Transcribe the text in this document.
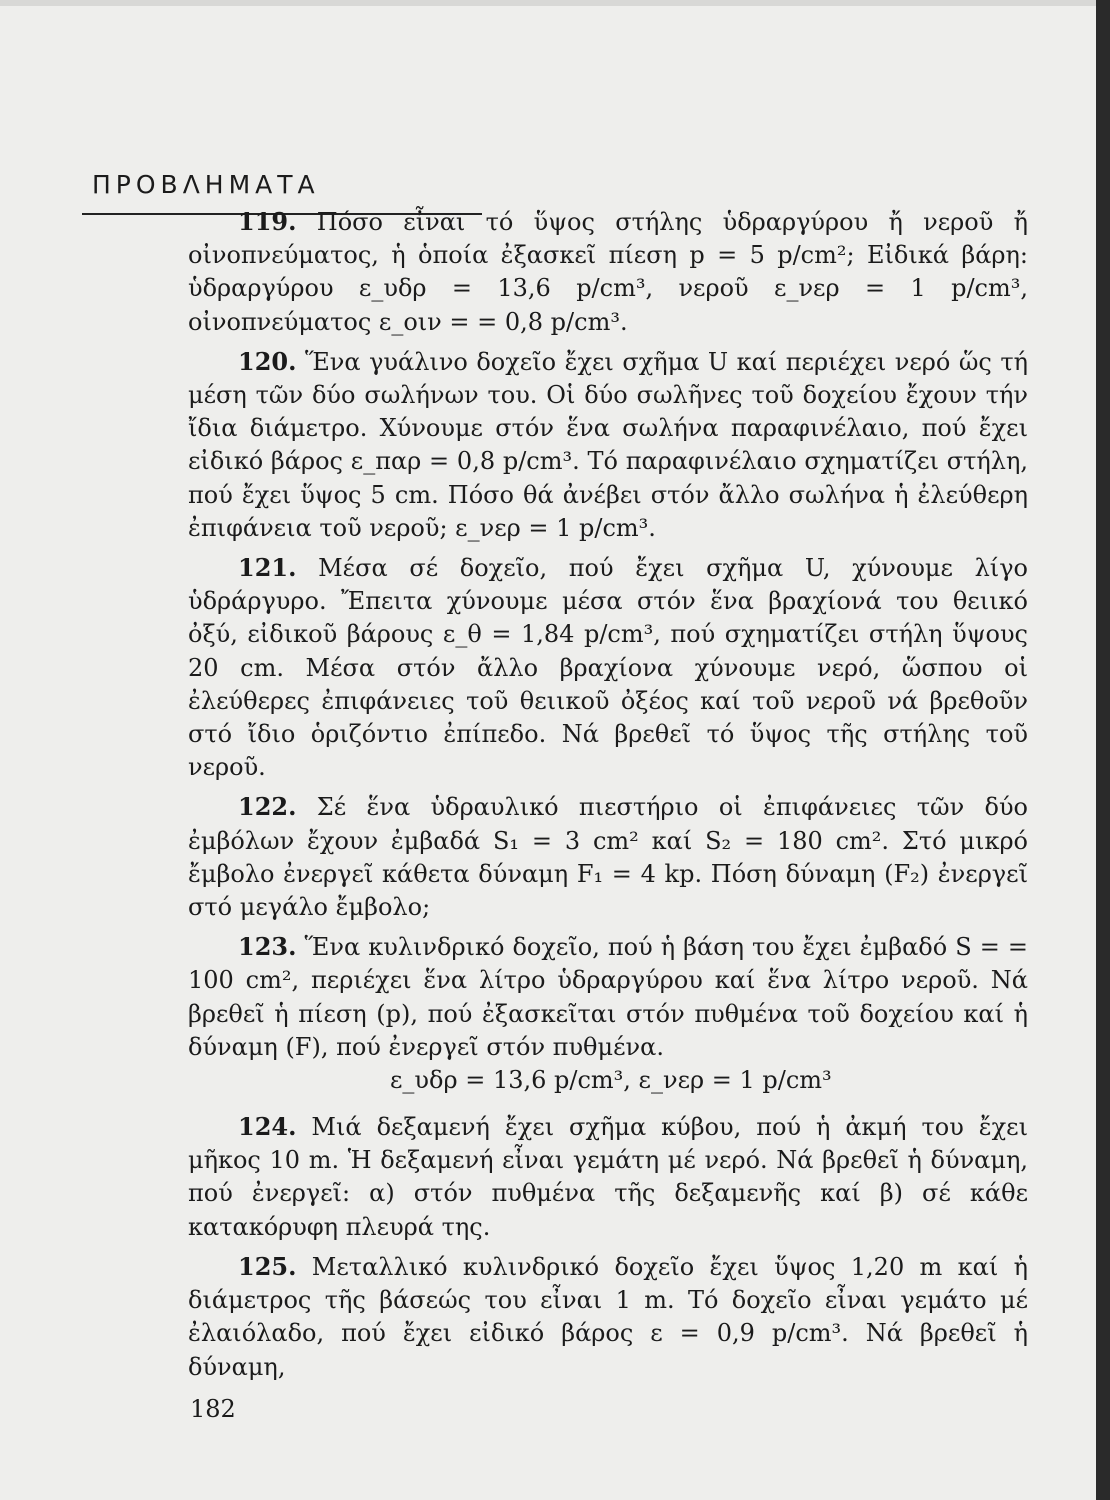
ΠΡΟΒΛΗΜΑΤΑ

119. Πόσο εἶναι τό ὕψος στήλης ὑδραργύρου ἤ νεροῦ ἤ οἰνοπνεύματος, ἡ ὁποία ἐξασκεῖ πίεση p = 5 p/cm²; Εἰδικά βάρη: ὑδραργύρου ε_υδρ = 13,6 p/cm³, νεροῦ ε_νερ = 1 p/cm³, οἰνοπνεύματος ε_οιν = = 0,8 p/cm³.

120. Ἕνα γυάλινο δοχεῖο ἔχει σχῆμα U καί περιέχει νερό ὥς τή μέση τῶν δύο σωλήνων του. Οἱ δύο σωλῆνες τοῦ δοχείου ἔχουν τήν ἴδια διάμετρο. Χύνουμε στόν ἕνα σωλήνα παραφινέλαιο, πού ἔχει εἰδικό βάρος ε_παρ = 0,8 p/cm³. Τό παραφινέλαιο σχηματίζει στήλη, πού ἔχει ὕψος 5 cm. Πόσο θά ἀνέβει στόν ἄλλο σωλήνα ἡ ἐλεύθερη ἐπιφάνεια τοῦ νεροῦ; ε_νερ = 1 p/cm³.

121. Μέσα σέ δοχεῖο, πού ἔχει σχῆμα U, χύνουμε λίγο ὑδράργυρο. Ἔπειτα χύνουμε μέσα στόν ἕνα βραχίονά του θειικό ὀξύ, εἰδικοῦ βάρους ε_θ = 1,84 p/cm³, πού σχηματίζει στήλη ὕψους 20 cm. Μέσα στόν ἄλλο βραχίονα χύνουμε νερό, ὥσπου οἱ ἐλεύθερες ἐπιφάνειες τοῦ θειικοῦ ὀξέος καί τοῦ νεροῦ νά βρεθοῦν στό ἴδιο ὁριζόντιο ἐπίπεδο. Νά βρεθεῖ τό ὕψος τῆς στήλης τοῦ νεροῦ.

122. Σέ ἕνα ὑδραυλικό πιεστήριο οἱ ἐπιφάνειες τῶν δύο ἐμβόλων ἔχουν ἐμβαδά S₁ = 3 cm² καί S₂ = 180 cm². Στό μικρό ἔμβολο ἐνεργεῖ κάθετα δύναμη F₁ = 4 kp. Πόση δύναμη (F₂) ἐνεργεῖ στό μεγάλο ἔμβολο;

123. Ἕνα κυλινδρικό δοχεῖο, πού ἡ βάση του ἔχει ἐμβαδό S = = 100 cm², περιέχει ἕνα λίτρο ὑδραργύρου καί ἕνα λίτρο νεροῦ. Νά βρεθεῖ ἡ πίεση (p), πού ἐξασκεῖται στόν πυθμένα τοῦ δοχείου καί ἡ δύναμη (F), πού ἐνεργεῖ στόν πυθμένα.

124. Μιά δεξαμενή ἔχει σχῆμα κύβου, πού ἡ ἀκμή του ἔχει μῆκος 10 m. Ἡ δεξαμενή εἶναι γεμάτη μέ νερό. Νά βρεθεῖ ἡ δύναμη, πού ἐνεργεῖ: α) στόν πυθμένα τῆς δεξαμενῆς καί β) σέ κάθε κατακόρυφη πλευρά της.

125. Μεταλλικό κυλινδρικό δοχεῖο ἔχει ὕψος 1,20 m καί ἡ διάμετρος τῆς βάσεώς του εἶναι 1 m. Τό δοχεῖο εἶναι γεμάτο μέ ἐλαιόλαδο, πού ἔχει εἰδικό βάρος ε = 0,9 p/cm³. Νά βρεθεῖ ἡ δύναμη,

ε_υδρ = 13,6 p/cm³, ε_νερ = 1 p/cm³
182
